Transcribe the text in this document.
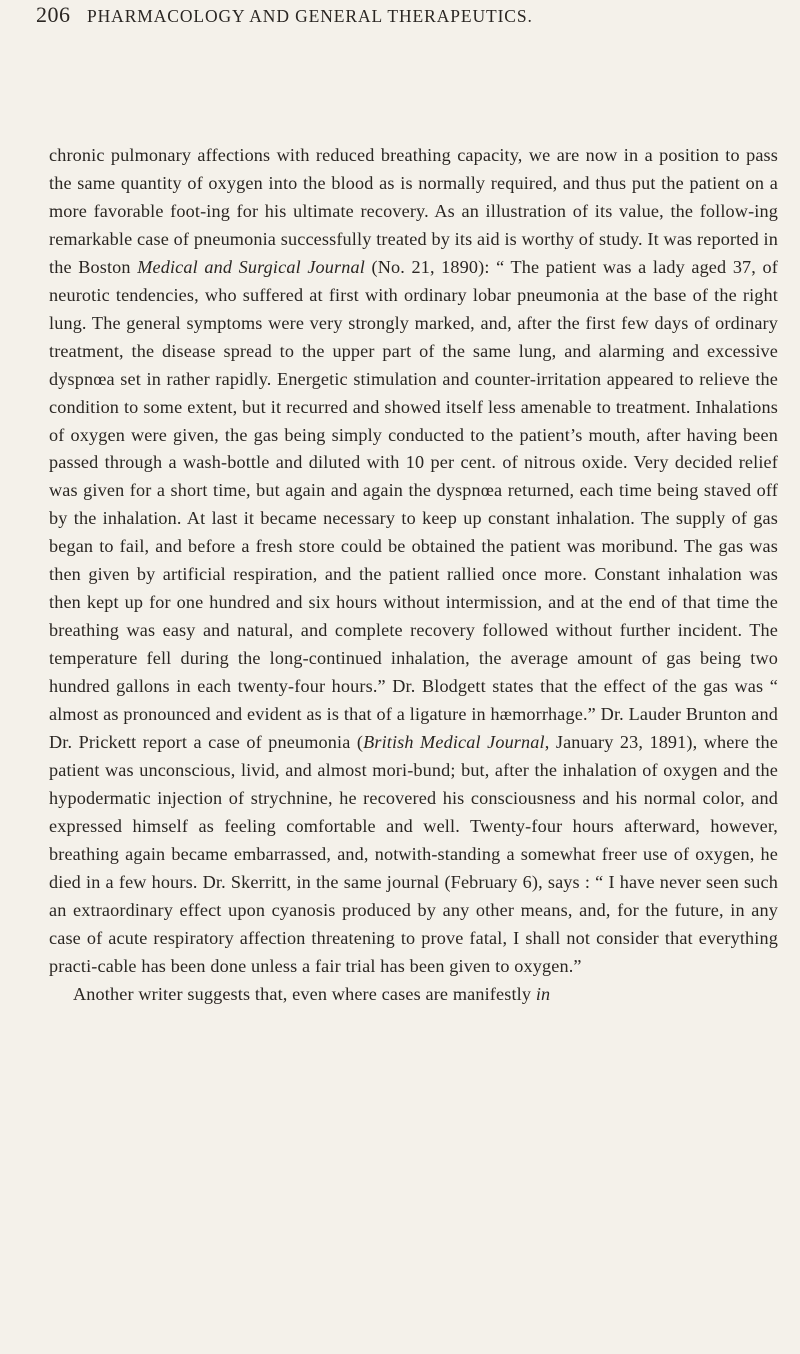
206 PHARMACOLOGY AND GENERAL THERAPEUTICS.

chronic pulmonary affections with reduced breathing capacity, we are now in a position to pass the same quantity of oxygen into the blood as is normally required, and thus put the patient on a more favorable foot-ing for his ultimate recovery. As an illustration of its value, the follow-ing remarkable case of pneumonia successfully treated by its aid is worthy of study. It was reported in the Boston Medical and Surgical Journal (No. 21, 1890): “ The patient was a lady aged 37, of neurotic tendencies, who suffered at first with ordinary lobar pneumonia at the base of the right lung. The general symptoms were very strongly marked, and, after the first few days of ordinary treatment, the disease spread to the upper part of the same lung, and alarming and excessive dyspnœa set in rather rapidly. Energetic stimulation and counter-irritation appeared to relieve the condition to some extent, but it recurred and showed itself less amenable to treatment. Inhalations of oxygen were given, the gas being simply conducted to the patient’s mouth, after having been passed through a wash-bottle and diluted with 10 per cent. of nitrous oxide. Very decided relief was given for a short time, but again and again the dyspnœa returned, each time being staved off by the inhalation. At last it became necessary to keep up constant inhalation. The supply of gas began to fail, and before a fresh store could be obtained the patient was moribund. The gas was then given by artificial respiration, and the patient rallied once more. Constant inhalation was then kept up for one hundred and six hours without intermission, and at the end of that time the breathing was easy and natural, and complete recovery followed without further incident. The temperature fell during the long-continued inhalation, the average amount of gas being two hundred gallons in each twenty-four hours.” Dr. Blodgett states that the effect of the gas was “ almost as pronounced and evident as is that of a ligature in hæmorrhage.” Dr. Lauder Brunton and Dr. Prickett report a case of pneumonia (British Medical Journal, January 23, 1891), where the patient was unconscious, livid, and almost mori-bund; but, after the inhalation of oxygen and the hypodermatic injection of strychnine, he recovered his consciousness and his normal color, and expressed himself as feeling comfortable and well. Twenty-four hours afterward, however, breathing again became embarrassed, and, notwith-standing a somewhat freer use of oxygen, he died in a few hours. Dr. Skerritt, in the same journal (February 6), says : “ I have never seen such an extraordinary effect upon cyanosis produced by any other means, and, for the future, in any case of acute respiratory affection threatening to prove fatal, I shall not consider that everything practi-cable has been done unless a fair trial has been given to oxygen.”

Another writer suggests that, even where cases are manifestly in
